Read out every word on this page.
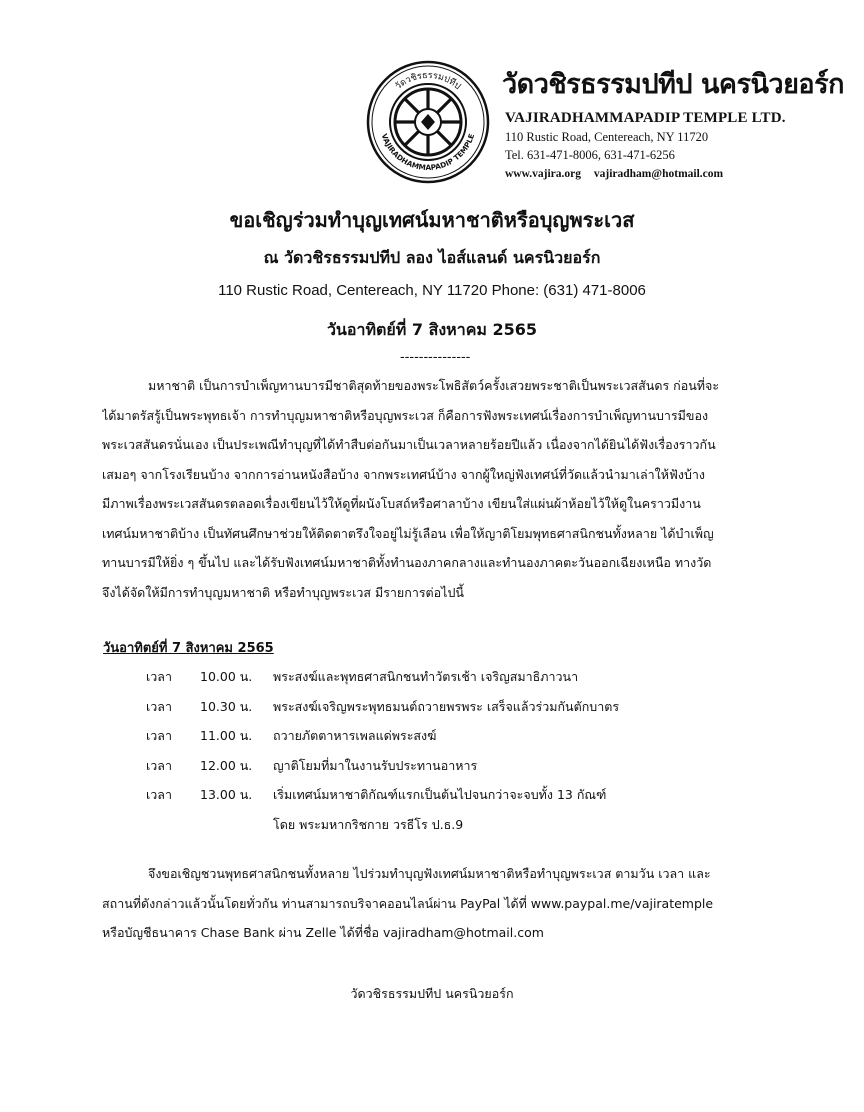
วัดวชิรธรรมปทีป
VAJIRADHAMMAPADIP TEMPLE
วัดวชิรธรรมปทีป นครนิวยอร์ก
VAJIRADHAMMAPADIP TEMPLE LTD.
110 Rustic Road, Centereach, NY 11720
Tel. 631-471-8006, 631-471-6256
www.vajira.org vajiradham@hotmail.com
ขอเชิญร่วมทำบุญเทศน์มหาชาติหรือบุญพระเวส
ณ วัดวชิรธรรมปทีป ลอง ไอส์แลนด์ นครนิวยอร์ก
110 Rustic Road, Centereach, NY 11720 Phone: (631) 471-8006
วันอาทิตย์ที่ 7 สิงหาคม 2565
---------------
มหาชาติ เป็นการบำเพ็ญทานบารมีชาติสุดท้ายของพระโพธิสัตว์ครั้งเสวยพระชาติเป็นพระเวสสันดร ก่อนที่จะ
ได้มาตรัสรู้เป็นพระพุทธเจ้า การทำบุญมหาชาติหรือบุญพระเวส ก็คือการฟังพระเทศน์เรื่องการบำเพ็ญทานบารมีของ
พระเวสสันดรนั่นเอง เป็นประเพณีทำบุญที่ได้ทำสืบต่อกันมาเป็นเวลาหลายร้อยปีแล้ว เนื่องจากได้ยินได้ฟังเรื่องราวกัน
เสมอๆ จากโรงเรียนบ้าง จากการอ่านหนังสือบ้าง จากพระเทศน์บ้าง จากผู้ใหญ่ฟังเทศน์ที่วัดแล้วนำมาเล่าให้ฟังบ้าง
มีภาพเรื่องพระเวสสันดรตลอดเรื่องเขียนไว้ให้ดูที่ผนังโบสถ์หรือศาลาบ้าง เขียนใส่แผ่นผ้าห้อยไว้ให้ดูในคราวมีงาน
เทศน์มหาชาติบ้าง เป็นทัศนศึกษาช่วยให้ติดตาตรึงใจอยู่ไม่รู้เลือน เพื่อให้ญาติโยมพุทธศาสนิกชนทั้งหลาย ได้บำเพ็ญ
ทานบารมีให้ยิ่ง ๆ ขึ้นไป และได้รับฟังเทศน์มหาชาติทั้งทำนองภาคกลางและทำนองภาคตะวันออกเฉียงเหนือ ทางวัด
จึงได้จัดให้มีการทำบุญมหาชาติ หรือทำบุญพระเวส มีรายการต่อไปนี้
วันอาทิตย์ที่ 7 สิงหาคม 2565
เวลา 10.00 น. พระสงฆ์และพุทธศาสนิกชนทำวัตรเช้า เจริญสมาธิภาวนา
เวลา 10.30 น. พระสงฆ์เจริญพระพุทธมนต์ถวายพรพระ เสร็จแล้วร่วมกันตักบาตร
เวลา 11.00 น. ถวายภัตตาหารเพลแด่พระสงฆ์
เวลา 12.00 น. ญาติโยมที่มาในงานรับประทานอาหาร
เวลา 13.00 น. เริ่มเทศน์มหาชาติกัณฑ์แรกเป็นต้นไปจนกว่าจะจบทั้ง 13 กัณฑ์
โดย พระมหากริชกาย วรธีโร ป.ธ.9
จึงขอเชิญชวนพุทธศาสนิกชนทั้งหลาย ไปร่วมทำบุญฟังเทศน์มหาชาติหรือทำบุญพระเวส ตามวัน เวลา และ
สถานที่ดังกล่าวแล้วนั้นโดยทั่วกัน ท่านสามารถบริจาคออนไลน์ผ่าน PayPal ได้ที่ www.paypal.me/vajiratemple
หรือบัญชีธนาคาร Chase Bank ผ่าน Zelle ได้ที่ชื่อ vajiradham@hotmail.com
วัดวชิรธรรมปทีป นครนิวยอร์ก
